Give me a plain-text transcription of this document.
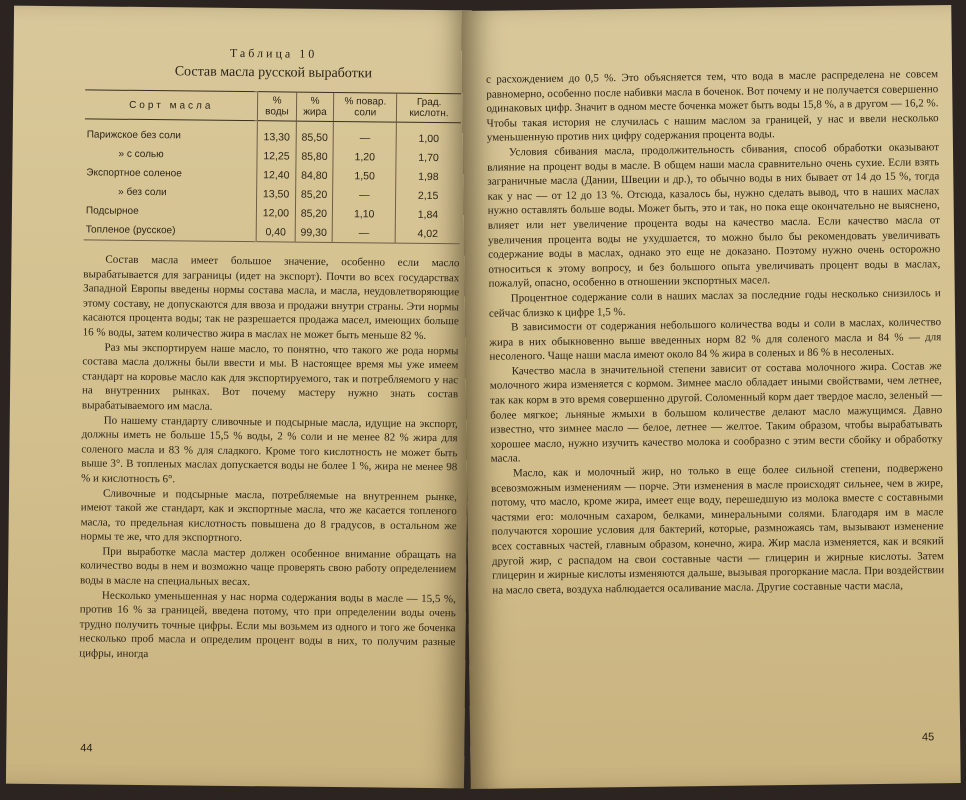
Таблица 10
Состав масла русской выработки
Сорт масла	% воды	% жира	% повар. соли	Град. кислотн.
Парижское без соли	13,30	85,50	—	1,00
» с солью	12,25	85,80	1,20	1,70
Экспортное соленое	12,40	84,80	1,50	1,98
» без соли	13,50	85,20	—	2,15
Подсырное	12,00	85,20	1,10	1,84
Топленое (русское)	0,40	99,30	—	4,02

Состав масла имеет большое значение, особенно если масло вырабатывается для заграницы (идет на экспорт). Почти во всех государствах Западной Европы введены нормы состава масла, и масла, неудовлетворяющие этому составу, не допускаются для ввоза и продажи внутри страны. Эти нормы касаются процента воды; так не разрешается продажа масел, имеющих больше 16 % воды, затем количество жира в маслах не может быть меньше 82 %.

Раз мы экспортируем наше масло, то понятно, что такого же рода нормы состава масла должны были ввести и мы. В настоящее время мы уже имеем стандарт на коровье масло как для экспортируемого, так и потребляемого у нас на внутренних рынках. Вот почему мастеру нужно знать состав вырабатываемого им масла.

По нашему стандарту сливочные и подсырные масла, идущие на экспорт, должны иметь не больше 15,5 % воды, 2 % соли и не менее 82 % жира для соленого масла и 83 % для сладкого. Кроме того кислотность не может быть выше 3°. В топленых маслах допускается воды не более 1 %, жира не менее 98 % и кислотность 6°.

Сливочные и подсырные масла, потребляемые на внутреннем рынке, имеют такой же стандарт, как и экспортные масла, что же касается топленого масла, то предельная кислотность повышена до 8 градусов, в остальном же нормы те же, что для экспортного.

При выработке масла мастер должен особенное внимание обращать на количество воды в нем и возможно чаще проверять свою работу определением воды в масле на специальных весах.

Несколько уменьшенная у нас норма содержания воды в масле — 15,5 %, против 16 % за границей, введена потому, что при определении воды очень трудно получить точные цифры. Если мы возьмем из одного и того же боченка несколько проб масла и определим процент воды в них, то получим разные цифры, иногда

44

с расхождением до 0,5 %. Это объясняется тем, что вода в масле распределена не совсем равномерно, особенно после набивки масла в боченок. Вот почему и не получается совершенно одинаковых цифр. Значит в одном месте боченка может быть воды 15,8 %, а в другом — 16,2 %. Чтобы такая история не случилась с нашим маслом за границей, у нас и ввели несколько уменьшенную против них цифру содержания процента воды.

Условия сбивания масла, продолжительность сбивания, способ обработки оказывают влияние на процент воды в масле. В общем наши масла сравнительно очень сухие. Если взять заграничные масла (Дании, Швеции и др.), то обычно воды в них бывает от 14 до 15 %, тогда как у нас — от 12 до 13 %. Отсюда, казалось бы, нужно сделать вывод, что в наших маслах нужно оставлять больше воды. Может быть, это и так, но пока еще окончательно не выяснено, влияет или нет увеличение процента воды на качество масла. Если качество масла от увеличения процента воды не ухудшается, то можно было бы рекомендовать увеличивать содержание воды в маслах, однако это еще не доказано. Поэтому нужно очень осторожно относиться к этому вопросу, и без большого опыта увеличивать процент воды в маслах, пожалуй, опасно, особенно в отношении экспортных масел.

Процентное содержание соли в наших маслах за последние годы несколько снизилось и сейчас близко к цифре 1,5 %.

В зависимости от содержания небольшого количества воды и соли в маслах, количество жира в них обыкновенно выше введенных норм 82 % для соленого масла и 84 % — для несоленого. Чаще наши масла имеют около 84 % жира в соленых и 86 % в несоленых.

Качество масла в значительной степени зависит от состава молочного жира. Состав же молочного жира изменяется с кормом. Зимнее масло обладает иными свойствами, чем летнее, так как корм в это время совершенно другой. Соломенный корм дает твердое масло, зеленый — более мягкое; льняные жмыхи в большом количестве делают масло мажущимся. Давно известно, что зимнее масло — белое, летнее — желтое. Таким образом, чтобы вырабатывать хорошее масло, нужно изучить качество молока и сообразно с этим вести сбойку и обработку масла.

Масло, как и молочный жир, но только в еще более сильной степени, подвержено всевозможным изменениям — порче. Эти изменения в масле происходят сильнее, чем в жире, потому, что масло, кроме жира, имеет еще воду, перешедшую из молока вместе с составными частями его: молочным сахаром, белками, минеральными солями. Благодаря им в масле получаются хорошие условия для бактерий, которые, размножаясь там, вызывают изменение всех составных частей, главным образом, конечно, жира. Жир масла изменяется, как и всякий другой жир, с распадом на свои составные части — глицерин и жирные кислоты. Затем глицерин и жирные кислоты изменяются дальше, вызывая прогоркание масла. При воздействии на масло света, воздуха наблюдается осаливание масла. Другие составные части масла,

45
